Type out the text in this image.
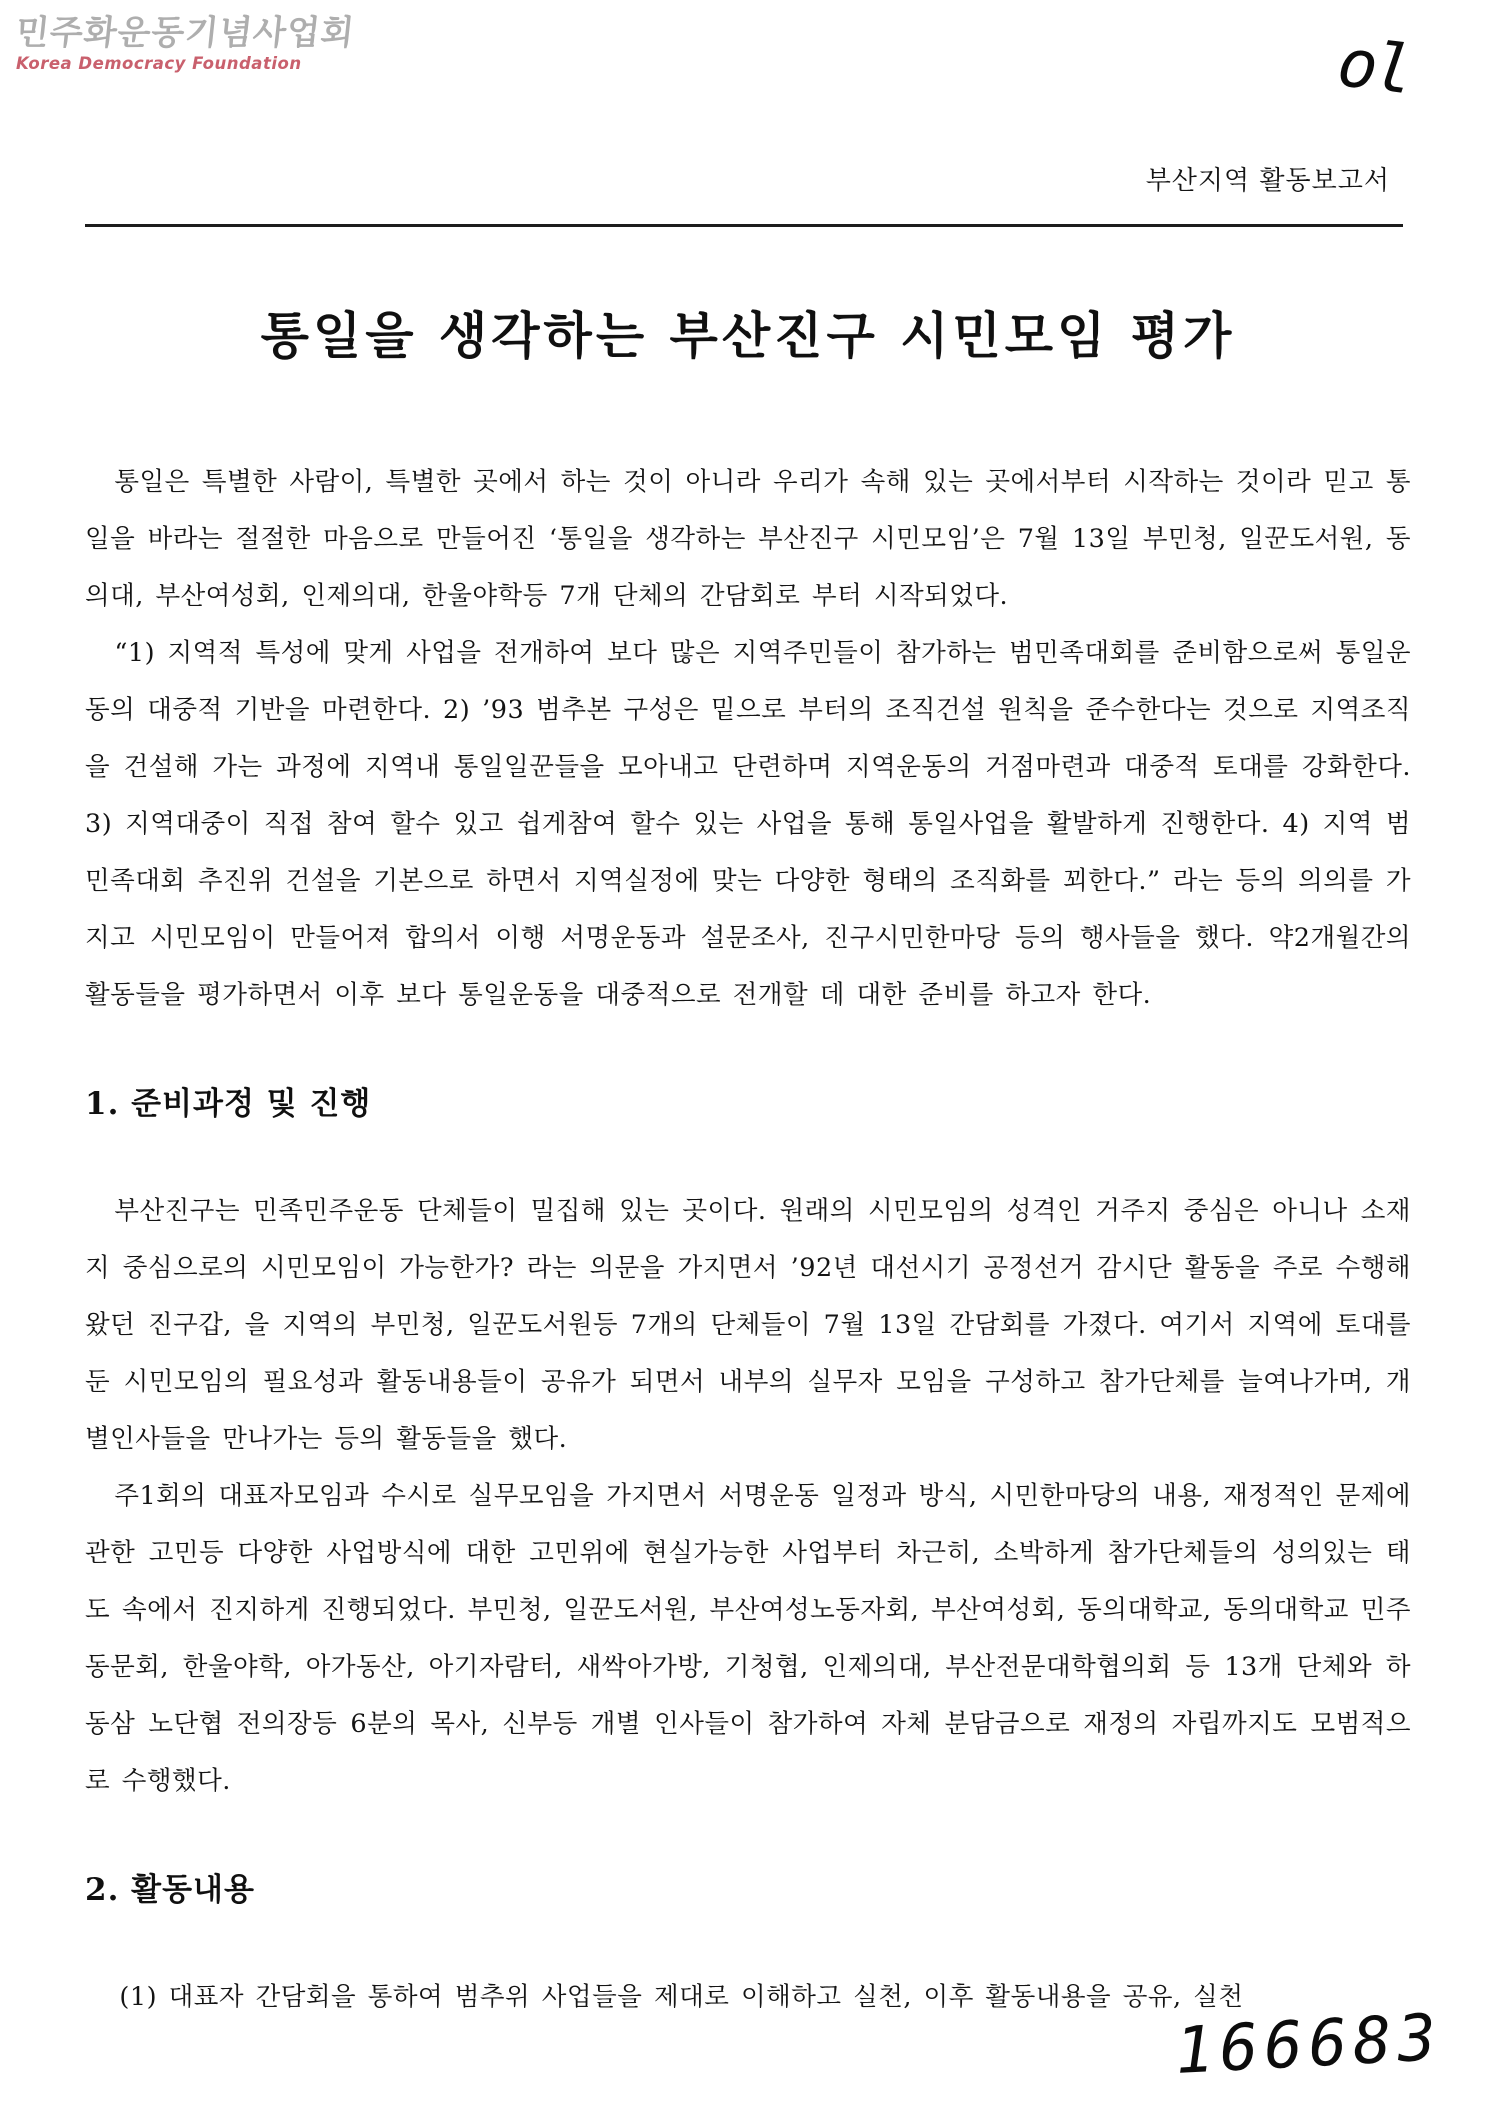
민주화운동기념사업회
Korea Democracy Foundation	ol
부산지역 활동보고서
통일을 생각하는 부산진구 시민모임 평가

통일은 특별한 사람이, 특별한 곳에서 하는 것이 아니라 우리가 속해 있는 곳에서부터 시작하는 것이라 믿고 통일을 바라는 절절한 마음으로 만들어진 ‘통일을 생각하는 부산진구 시민모임’은 7월 13일 부민청, 일꾼도서원, 동의대, 부산여성회, 인제의대, 한울야학등 7개 단체의 간담회로 부터 시작되었다.

“1) 지역적 특성에 맞게 사업을 전개하여 보다 많은 지역주민들이 참가하는 범민족대회를 준비함으로써 통일운동의 대중적 기반을 마련한다. 2) ’93 범추본 구성은 밑으로 부터의 조직건설 원칙을 준수한다는 것으로 지역조직을 건설해 가는 과정에 지역내 통일일꾼들을 모아내고 단련하며 지역운동의 거점마련과 대중적 토대를 강화한다. 3) 지역대중이 직접 참여 할수 있고 쉽게참여 할수 있는 사업을 통해 통일사업을 활발하게 진행한다. 4) 지역 범민족대회 추진위 건설을 기본으로 하면서 지역실정에 맞는 다양한 형태의 조직화를 꾀한다.” 라는 등의 의의를 가지고 시민모임이 만들어져 합의서 이행 서명운동과 설문조사, 진구시민한마당 등의 행사들을 했다. 약2개월간의 활동들을 평가하면서 이후 보다 통일운동을 대중적으로 전개할 데 대한 준비를 하고자 한다.

1. 준비과정 및 진행

부산진구는 민족민주운동 단체들이 밀집해 있는 곳이다. 원래의 시민모임의 성격인 거주지 중심은 아니나 소재지 중심으로의 시민모임이 가능한가? 라는 의문을 가지면서 ’92년 대선시기 공정선거 감시단 활동을 주로 수행해 왔던 진구갑, 을 지역의 부민청, 일꾼도서원등 7개의 단체들이 7월 13일 간담회를 가졌다. 여기서 지역에 토대를 둔 시민모임의 필요성과 활동내용들이 공유가 되면서 내부의 실무자 모임을 구성하고 참가단체를 늘여나가며, 개별인사들을 만나가는 등의 활동들을 했다.

주1회의 대표자모임과 수시로 실무모임을 가지면서 서명운동 일정과 방식, 시민한마당의 내용, 재정적인 문제에 관한 고민등 다양한 사업방식에 대한 고민위에 현실가능한 사업부터 차근히, 소박하게 참가단체들의 성의있는 태도 속에서 진지하게 진행되었다. 부민청, 일꾼도서원, 부산여성노동자회, 부산여성회, 동의대학교, 동의대학교 민주동문회, 한울야학, 아가동산, 아기자람터, 새싹아가방, 기청협, 인제의대, 부산전문대학협의회 등 13개 단체와 하동삼 노단협 전의장등 6분의 목사, 신부등 개별 인사들이 참가하여 자체 분담금으로 재정의 자립까지도 모범적으로 수행했다.

2. 활동내용

(1) 대표자 간담회을 통하여 범추위 사업들을 제대로 이해하고 실천, 이후 활동내용을 공유, 실천

166683
